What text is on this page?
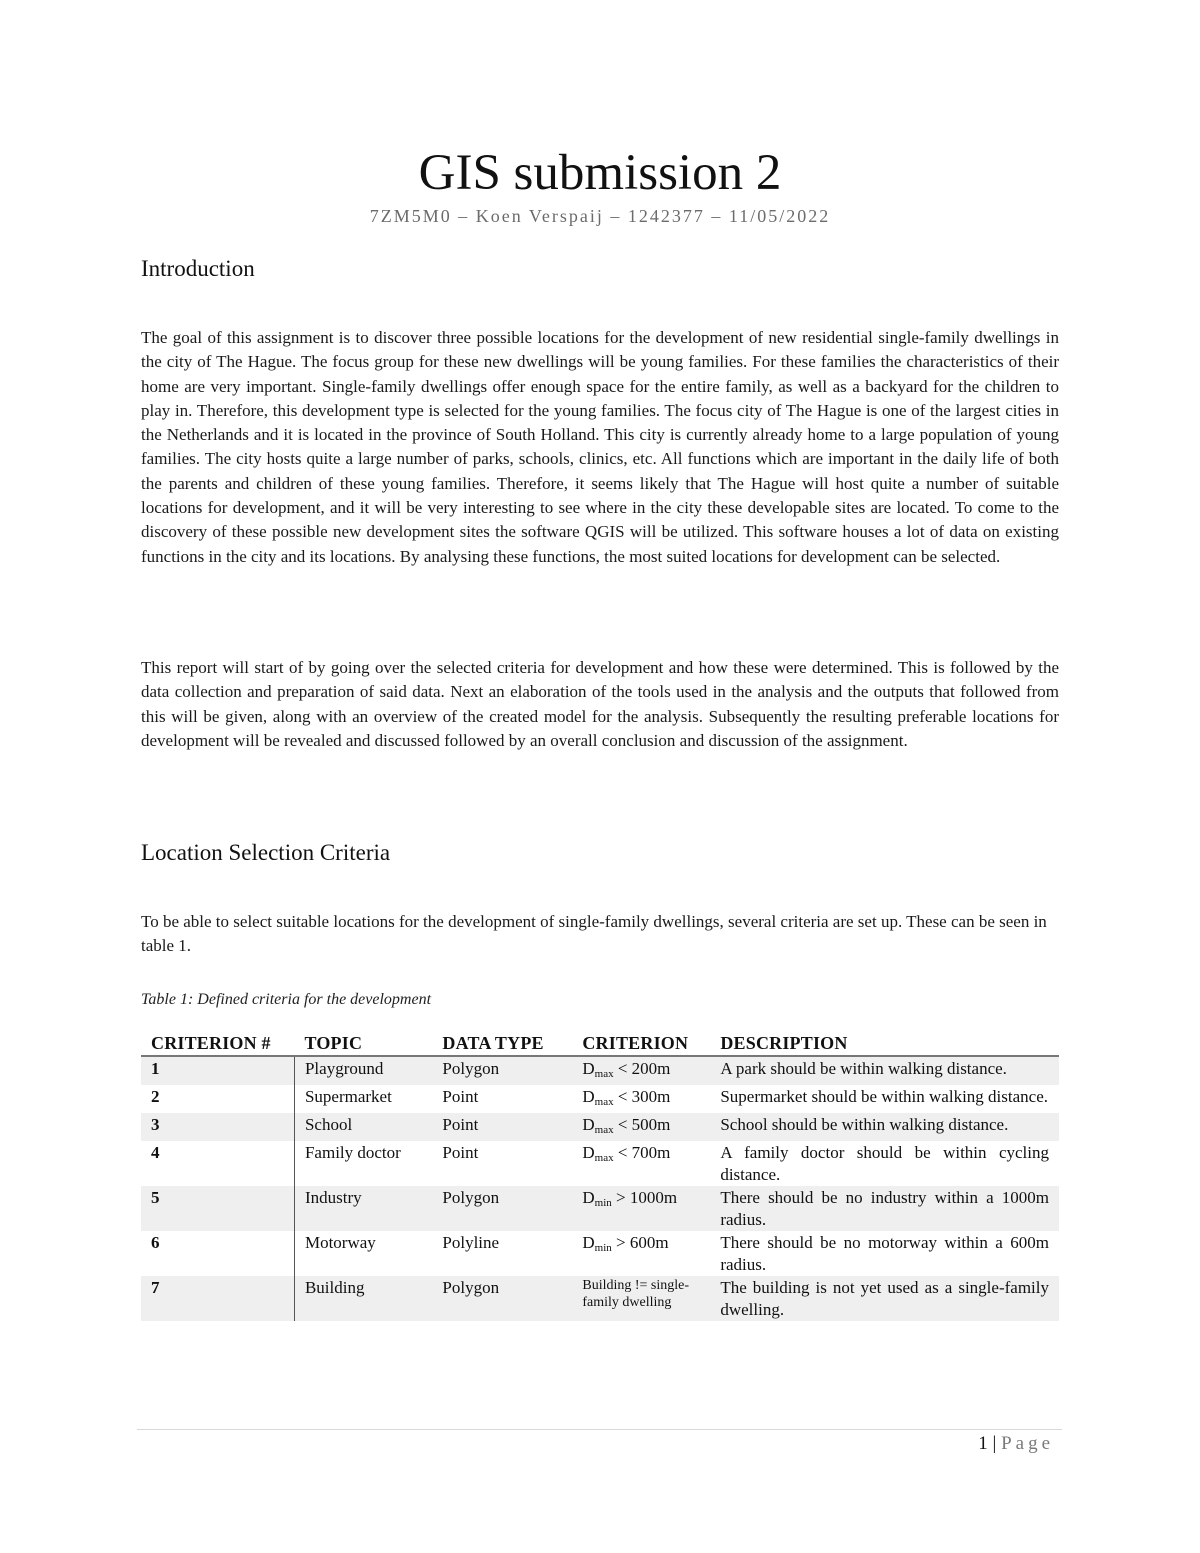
GIS submission 2
7ZM5M0 – Koen Verspaij – 1242377 – 11/05/2022
Introduction

The goal of this assignment is to discover three possible locations for the development of new residential single-family dwellings in the city of The Hague. The focus group for these new dwellings will be young families. For these families the characteristics of their home are very important. Single-family dwellings offer enough space for the entire family, as well as a backyard for the children to play in. Therefore, this development type is selected for the young families. The focus city of The Hague is one of the largest cities in the Netherlands and it is located in the province of South Holland. This city is currently already home to a large population of young families. The city hosts quite a large number of parks, schools, clinics, etc. All functions which are important in the daily life of both the parents and children of these young families. Therefore, it seems likely that The Hague will host quite a number of suitable locations for development, and it will be very interesting to see where in the city these developable sites are located. To come to the discovery of these possible new development sites the software QGIS will be utilized. This software houses a lot of data on existing functions in the city and its locations. By analysing these functions, the most suited locations for development can be selected.

This report will start of by going over the selected criteria for development and how these were determined. This is followed by the data collection and preparation of said data. Next an elaboration of the tools used in the analysis and the outputs that followed from this will be given, along with an overview of the created model for the analysis. Subsequently the resulting preferable locations for development will be revealed and discussed followed by an overall conclusion and discussion of the assignment.

Location Selection Criteria

To be able to select suitable locations for the development of single-family dwellings, several criteria are set up. These can be seen in table 1.

Table 1: Defined criteria for the development
CRITERION #	TOPIC	DATA TYPE	CRITERION	DESCRIPTION
1	Playground	Polygon	$D_{max} < 200m$	A park should be within walking distance.
2	Supermarket	Point	$D_{max} < 300m$	Supermarket should be within walking distance.
3	School	Point	$D_{max} < 500m$	School should be within walking distance.
4	Family doctor	Point	$D_{max} < 700m$	A family doctor should be within cycling distance.
5	Industry	Polygon	$D_{min} > 1000m$	There should be no industry within a 1000m radius.
6	Motorway	Polyline	$D_{min} > 600m$	There should be no motorway within a 600m radius.
7	Building	Polygon	Building != single-family dwelling	The building is not yet used as a single-family dwelling.
1 | Page
